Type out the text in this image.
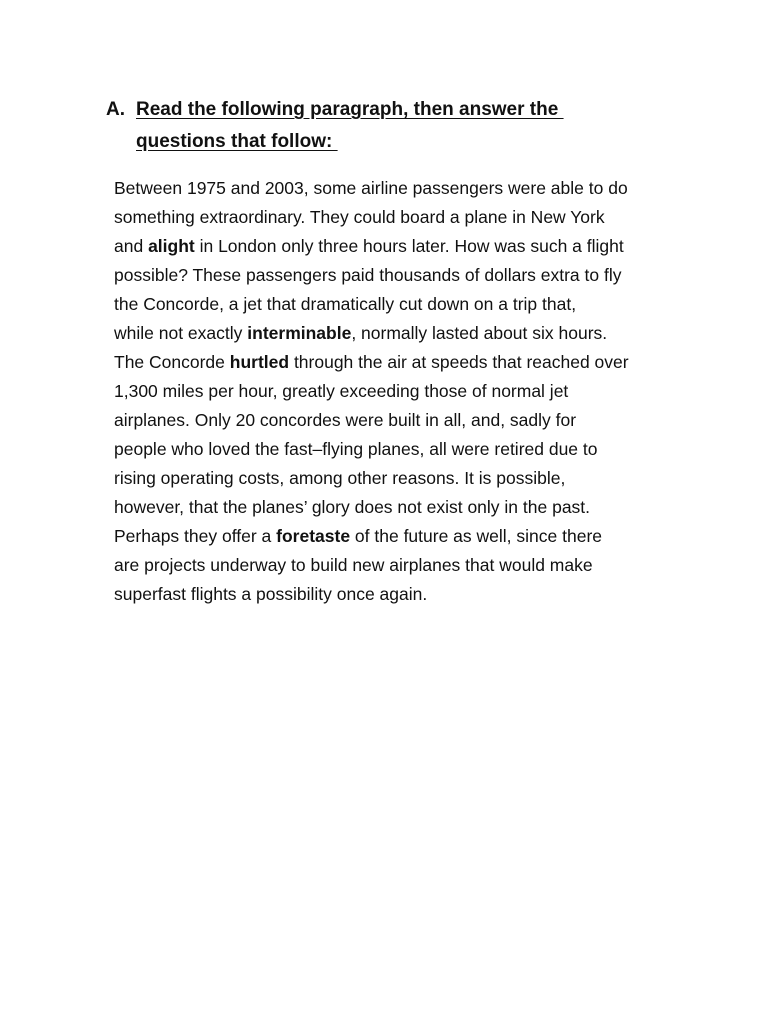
A. Read the following paragraph, then answer the
questions that follow:
Between 1975 and 2003, some airline passengers were able to do
something extraordinary. They could board a plane in New York
and alight in London only three hours later. How was such a flight
possible? These passengers paid thousands of dollars extra to fly
the Concorde, a jet that dramatically cut down on a trip that,
while not exactly interminable, normally lasted about six hours.
The Concorde hurtled through the air at speeds that reached over
1,300 miles per hour, greatly exceeding those of normal jet
airplanes. Only 20 concordes were built in all, and, sadly for
people who loved the fast–flying planes, all were retired due to
rising operating costs, among other reasons. It is possible,
however, that the planes’ glory does not exist only in the past.
Perhaps they offer a foretaste of the future as well, since there
are projects underway to build new airplanes that would make
superfast flights a possibility once again.
